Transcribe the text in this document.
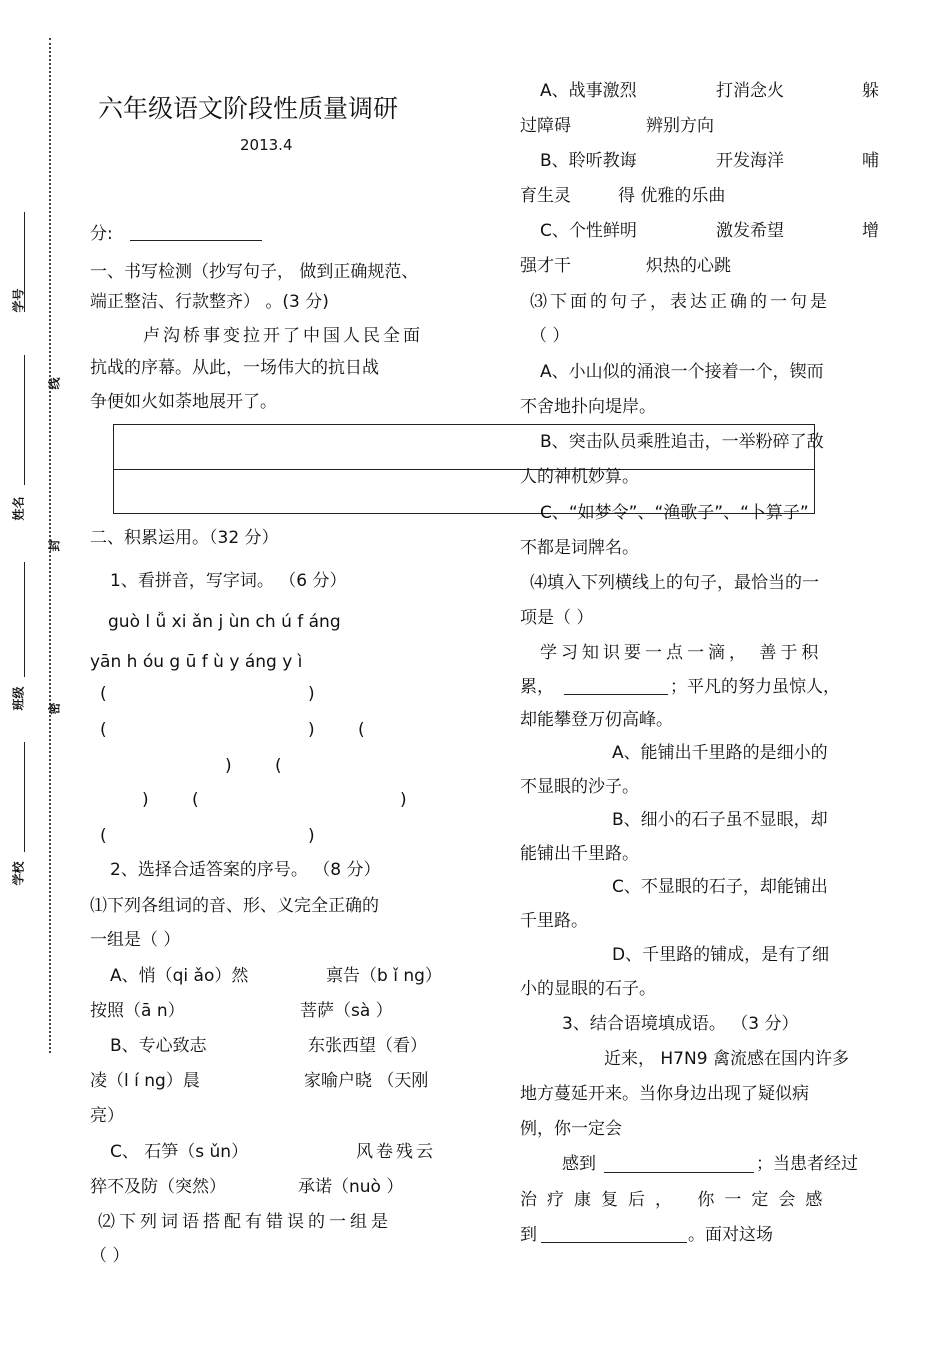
学号
姓名
班级
学校
线
封
密
六年级语文阶段性质量调研
2013.4
分:
一、书写检测（抄写句子， 做到正确规范、
端正整洁、行款整齐） 。(3 分)
卢沟桥事变拉开了中国人民全面
抗战的序幕。从此，一场伟大的抗日战
争便如火如荼地展开了。
二、积累运用。（32 分）
1、看拼音，写字词。 （6 分）
guò l ǚ xi ǎn j ùn ch ú f áng
yān h óu g ū f ù y áng y ì
(	)
(	)	(
)	(
)	(	)
(	)
2、选择合适答案的序号。 （8 分）
⑴下列各组词的音、形、义完全正确的
一组是（ ）
A、悄（qi ǎo）然	禀告（b ǐ ng）
按照（ā n）	菩萨（sà ）
B、专心致志	东张西望（看）
凌（l í ng）晨	家喻户晓 （天刚
亮）
C、 石笋（s ǔn）	风卷残云
猝不及防（突然）	承诺（nuò ）
⑵下列词语搭配有错误的一组是
（ ）
A、战事激烈	打消念火	躲
过障碍	辨别方向
B、聆听教诲	开发海洋	哺
育生灵	得 优雅的乐曲
C、个性鲜明	激发希望	增
强才干	炽热的心跳
⑶下面的句子，表达正确的一句是
（ ）
A、小山似的涌浪一个接着一个，锲而
不舍地扑向堤岸。
B、突击队员乘胜追击，一举粉碎了敌
人的神机妙算。
C、“如梦令”、“渔歌子”、“卜算子”
不都是词牌名。
⑷填入下列横线上的句子，最恰当的一
项是（ ）
学习知识要一点一滴， 善于积
累，	；平凡的努力虽惊人，
却能攀登万仞高峰。
A、能铺出千里路的是细小的
不显眼的沙子。
B、细小的石子虽不显眼，却
能铺出千里路。
C、不显眼的石子，却能铺出
千里路。
D、千里路的铺成，是有了细
小的显眼的石子。
3、结合语境填成语。 （3 分）
近来， H7N9 禽流感在国内许多
地方蔓延开来。当你身边出现了疑似病
例，你一定会
感到	；当患者经过
治疗康复后， 你一定会感
到	。面对这场
